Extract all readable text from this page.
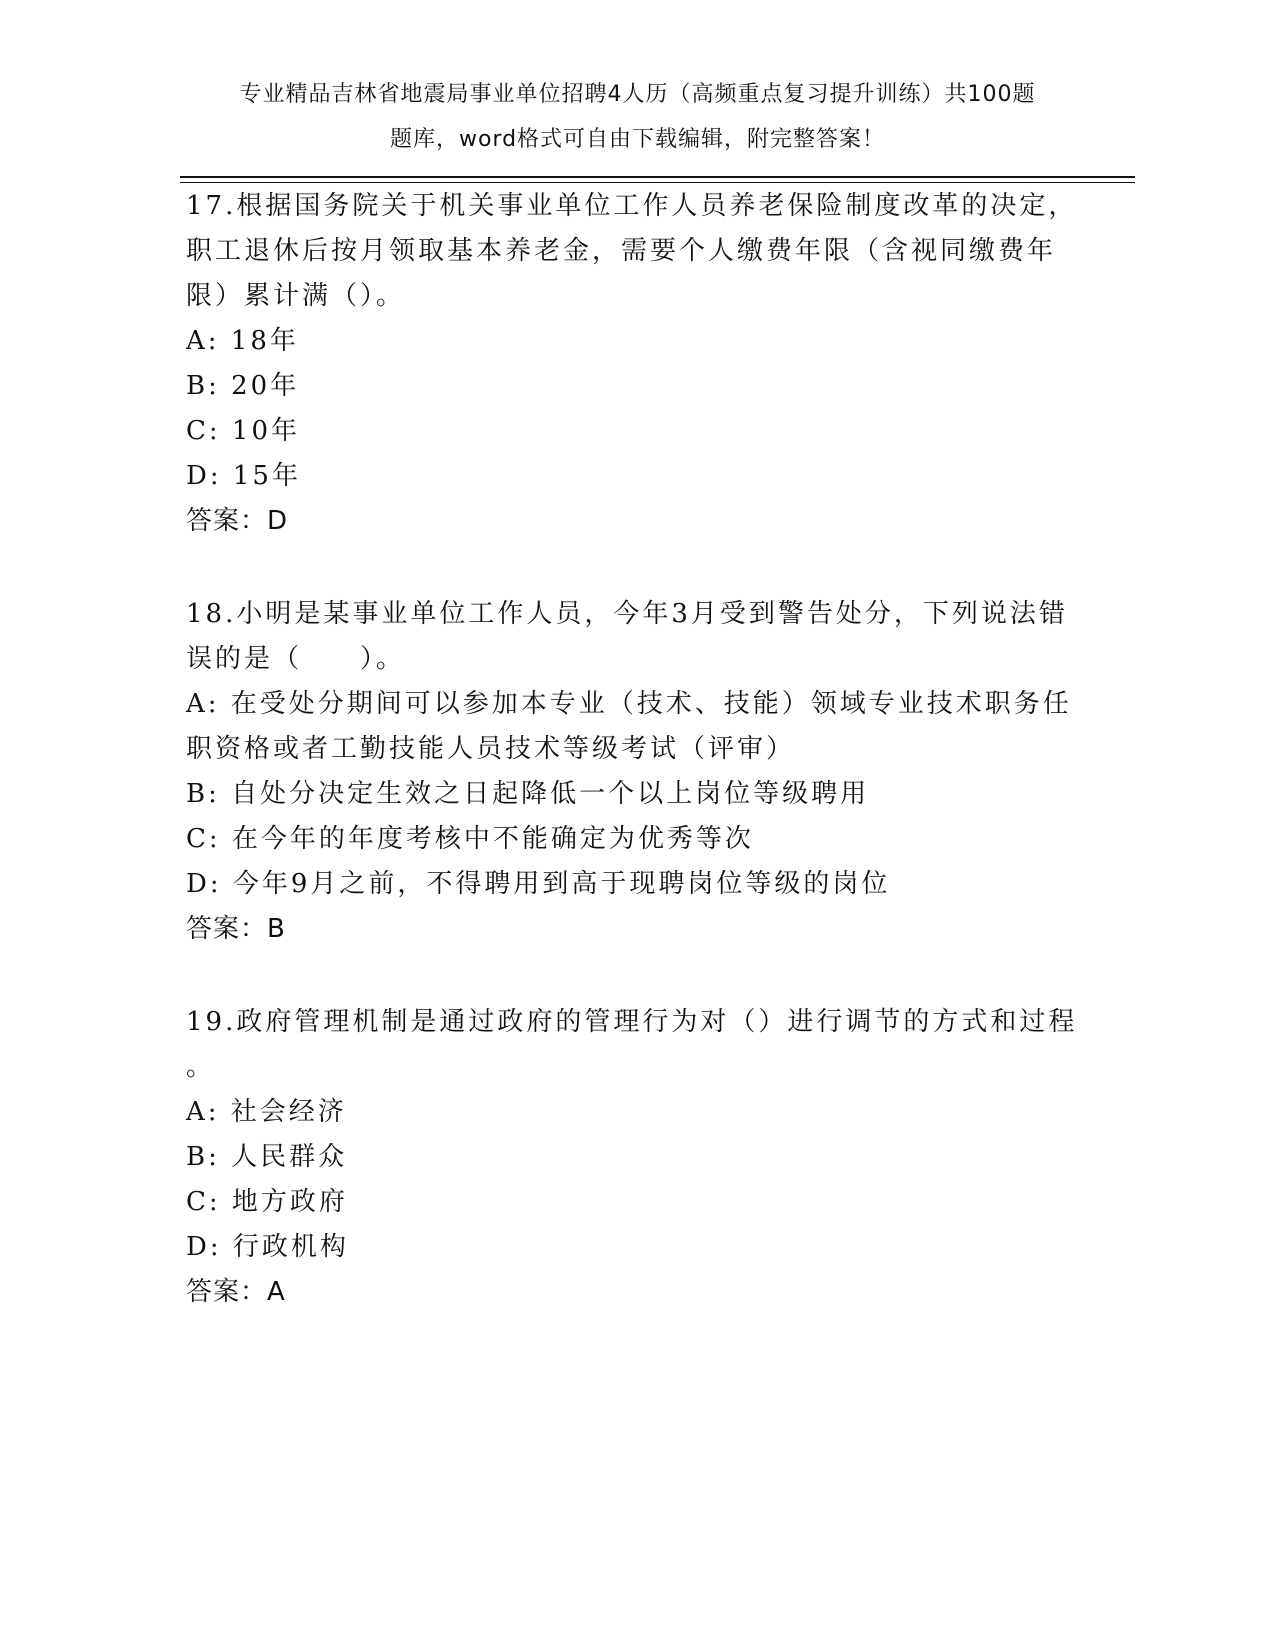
专业精品吉林省地震局事业单位招聘4人历（高频重点复习提升训练）共100题
题库，word格式可自由下载编辑，附完整答案！
17.根据国务院关于机关事业单位工作人员养老保险制度改革的决定，
职工退休后按月领取基本养老金，需要个人缴费年限（含视同缴费年
限）累计满（）。
A: 18年
B: 20年
C: 10年
D: 15年
答案：D
18.小明是某事业单位工作人员，今年3月受到警告处分，下列说法错
误的是（　　）。
A: 在受处分期间可以参加本专业（技术、技能）领域专业技术职务任
职资格或者工勤技能人员技术等级考试（评审）
B: 自处分决定生效之日起降低一个以上岗位等级聘用
C: 在今年的年度考核中不能确定为优秀等次
D: 今年9月之前，不得聘用到高于现聘岗位等级的岗位
答案：B
19.政府管理机制是通过政府的管理行为对（）进行调节的方式和过程
。
A: 社会经济
B: 人民群众
C: 地方政府
D: 行政机构
答案：A
